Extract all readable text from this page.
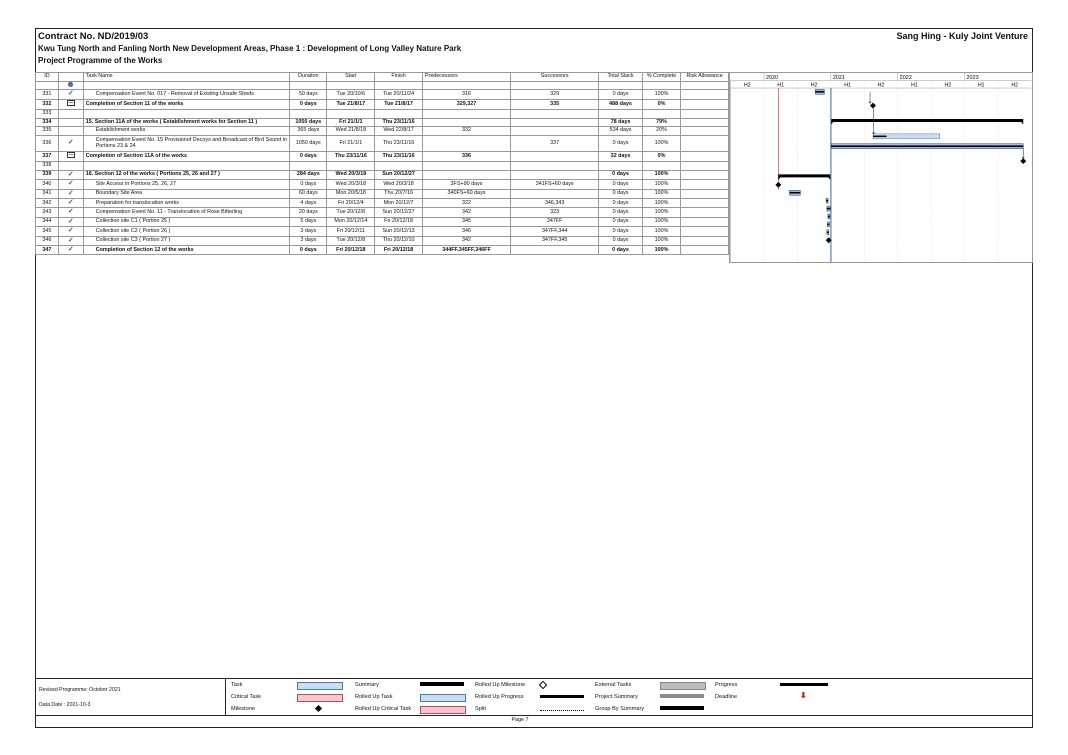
Contract No. ND/2019/03
Kwu Tung North and Fanling North New Development Areas, Phase 1 : Development of Long Valley Nature Park
Project Programme of the Works
Sang Hing - Kuly Joint Venture
ID		Task Name	Duration	Start	Finish	Predecessors	Successors	Total Slack	% Complete	Risk Allowance
	i									
331	✓	Compensation Event No. 017 - Removal of Existing Unsafe Sheds	50 days	Tue 20/10/6	Tue 20/11/24	316	329	0 days	100%	
332		Completion of Section 11 of the works	0 days	Tue 21/8/17	Tue 21/8/17	329,327	335	488 days	0%	
333										
334		15. Section 11A of the works ( Establishment works for Section 11 )	1050 days	Fri 21/1/1	Thu 23/11/16			78 days	79%	
335		Establishment works	365 days	Wed 21/8/18	Wed 22/8/17	332		534 days	20%	
336	✓	Compensation Event No. 15 Provisionof Decoys and Broadcast of Bird Sound in Portions 23 & 24	1050 days	Fri 21/1/1	Thu 23/11/16		337	0 days	100%	
337		Completion of Section 11A of the works	0 days	Thu 23/11/16	Thu 23/11/16	336		32 days	0%	
338										
339	✓	16. Section 12 of the works ( Portions 25, 26 and 27 )	284 days	Wed 20/3/18	Sun 20/12/27			0 days	100%	
340	✓	Site Access in Portions 25, 26, 27	0 days	Wed 20/3/18	Wed 20/3/18	3FS+90 days	341FS+60 days	0 days	100%	
341	✓	Boundary Site Area	60 days	Mon 20/5/18	Thu 20/7/16	340FS+60 days		0 days	100%	
342	✓	Preparation for translocation works	4 days	Fri 20/12/4	Mon 20/12/7	322	346,343	0 days	100%	
343	✓	Compensation Event No. 11 - Translocation of Rose Bitterling	20 days	Tue 20/12/8	Sun 20/12/27	342	323	0 days	100%	
344	✓	Collection site C1 ( Portion 25 )	5 days	Mon 20/12/14	Fri 20/12/18	345	347FF	0 days	100%	
345	✓	Collection site C2 ( Portion 26 )	3 days	Fri 20/12/11	Sun 20/12/13	346	347FF,344	0 days	100%	
346	✓	Collection site C3 ( Portion 27 )	3 days	Tue 20/12/8	Thu 20/12/10	342	347FF,345	0 days	100%	
347	✓	Completion of Section 12 of the works	0 days	Fri 20/12/18	Fri 20/12/18	344FF,345FF,346FF		0 days	100%	
2020	2021	2022	2023
H2	H1	H2	H1	H2	H1	H2	H1	H2
Revised Programme: October 2021
Data Date : 2021-10-3
Task
Critical Task
Milestone
Summary
Rolled Up Task
Rolled Up Critical Task
Rolled Up Milestone
Rolled Up Progress
Split
External Tasks
Project Summary
Group By Summary
Progress
Deadline	⬇
Page 7
